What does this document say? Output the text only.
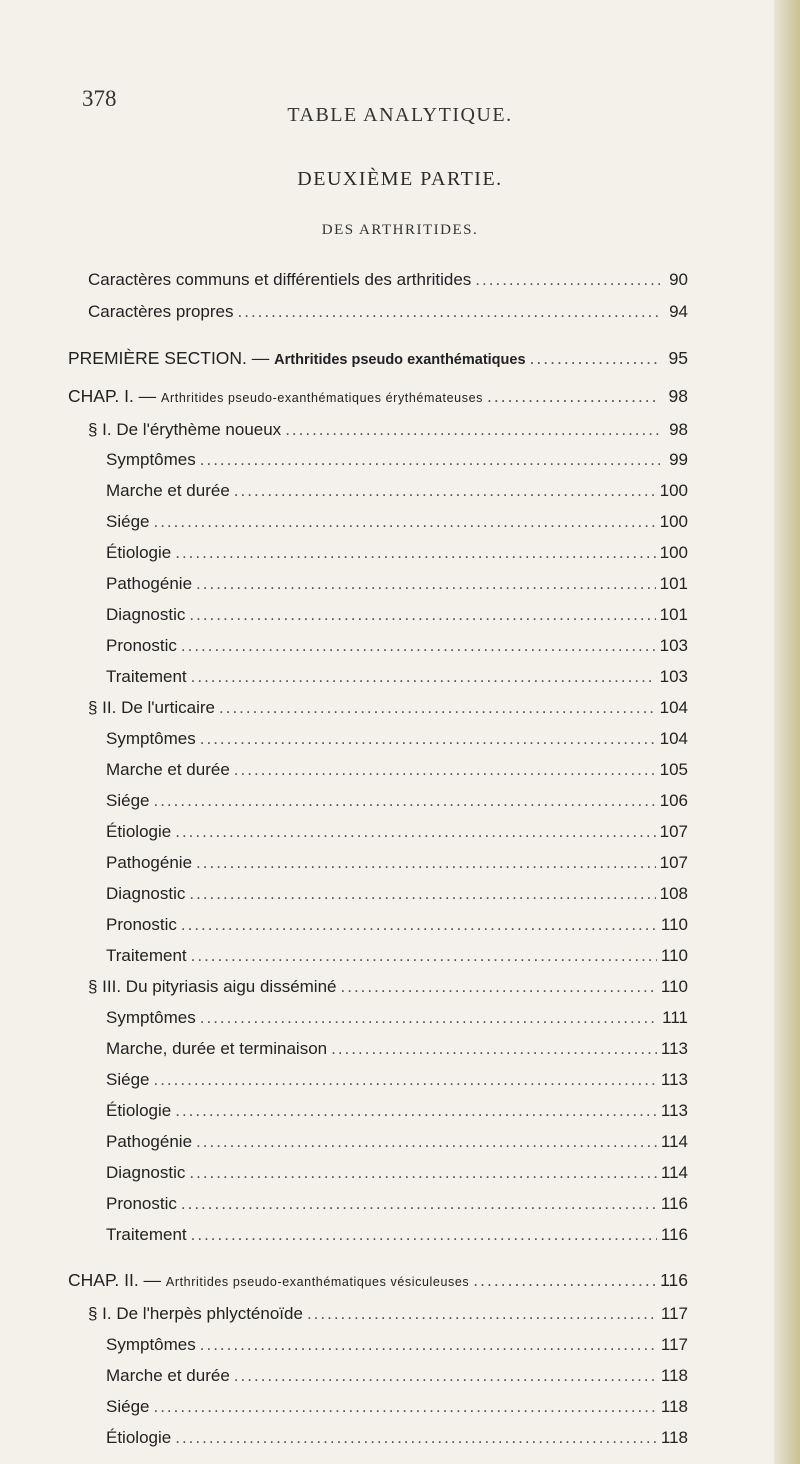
378
TABLE ANALYTIQUE.
DEUXIÈME PARTIE.
DES ARTHRITIDES.
Caractères communs et différentiels des arthritides .....	90
Caractères propres .....	94
PREMIÈRE SECTION. — Arthritides pseudo exanthématiques .....	95
CHAP. I. — Arthritides pseudo-exanthématiques érythémateuses .....	98
§ I. De l'érythème noueux .....	98
Symptômes .....	99
Marche et durée .....	100
Siége .....	100
Étiologie .....	100
Pathogénie .....	101
Diagnostic .....	101
Pronostic .....	103
Traitement .....	103
§ II. De l'urticaire .....	104
Symptômes .....	104
Marche et durée .....	105
Siége .....	106
Étiologie .....	107
Pathogénie .....	107
Diagnostic .....	108
Pronostic .....	110
Traitement .....	110
§ III. Du pityriasis aigu disséminé .....	110
Symptômes .....	111
Marche, durée et terminaison .....	113
Siége .....	113
Étiologie .....	113
Pathogénie .....	114
Diagnostic .....	114
Pronostic .....	116
Traitement .....	116
CHAP. II. — Arthritides pseudo-exanthématiques vésiculeuses .....	116
§ I. De l'herpès phlycténoïde .....	117
Symptômes .....	117
Marche et durée .....	118
Siége .....	118
Étiologie .....	118
